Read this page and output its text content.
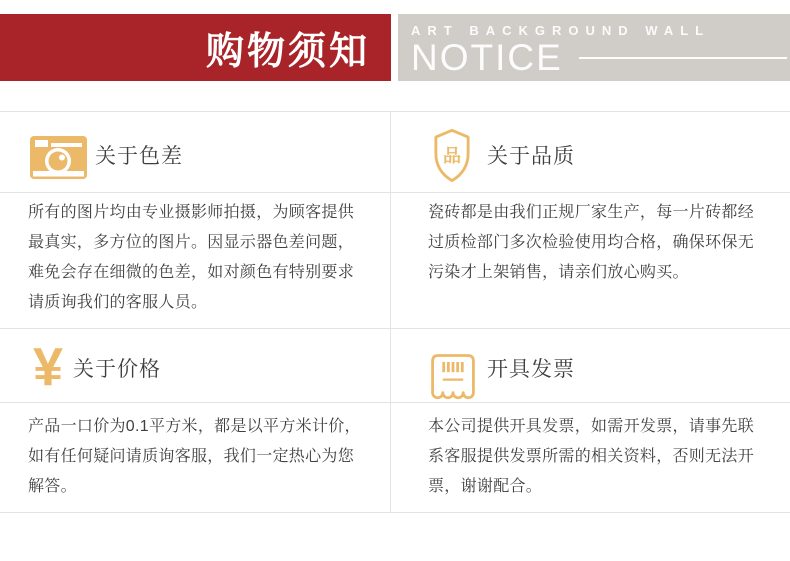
购物须知
ART BACKGROUND WALL
NOTICE
关于色差
所有的图片均由专业摄影师拍摄，为顾客提供最真实，多方位的图片。因显示器色差问题，难免会存在细微的色差，如对颜色有特别要求请质询我们的客服人员。
品 关于品质
瓷砖都是由我们正规厂家生产，每一片砖都经过质检部门多次检验使用均合格，确保环保无污染才上架销售，请亲们放心购买。
¥ 关于价格
产品一口价为0.1平方米，都是以平方米计价，如有任何疑问请质询客服，我们一定热心为您解答。
开具发票
本公司提供开具发票，如需开发票，请事先联系客服提供发票所需的相关资料，否则无法开票，谢谢配合。
